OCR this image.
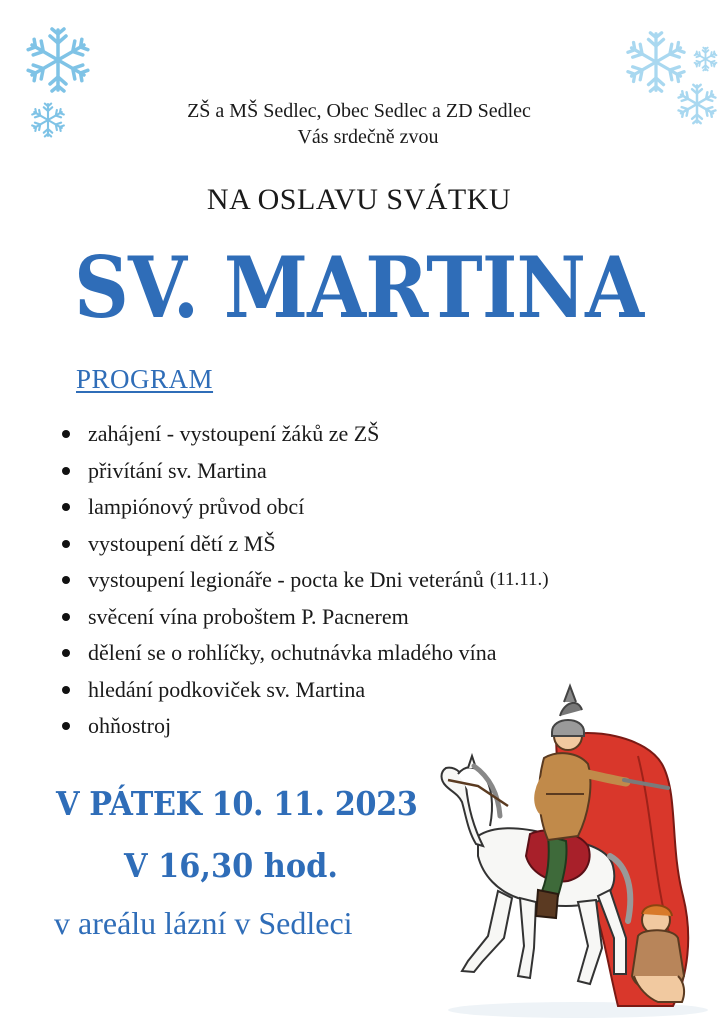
ZŠ a MŠ Sedlec, Obec Sedlec a ZD Sedlec
Vás srdečně zvou
NA OSLAVU SVÁTKU
SV. MARTINA
PROGRAM
zahájení - vystoupení žáků ze ZŠ
přivítání sv. Martina
lampiónový průvod obcí
vystoupení dětí z MŠ
vystoupení legionáře - pocta ke Dni veteránů (11.11.)
svěcení vína proboštem P. Pacnerem
dělení se o rohlíčky, ochutnávka mladého vína
hledání podkoviček sv. Martina
ohňostroj
V PÁTEK 10. 11. 2023
V 16,30 hod.
v areálu lázní v Sedleci
